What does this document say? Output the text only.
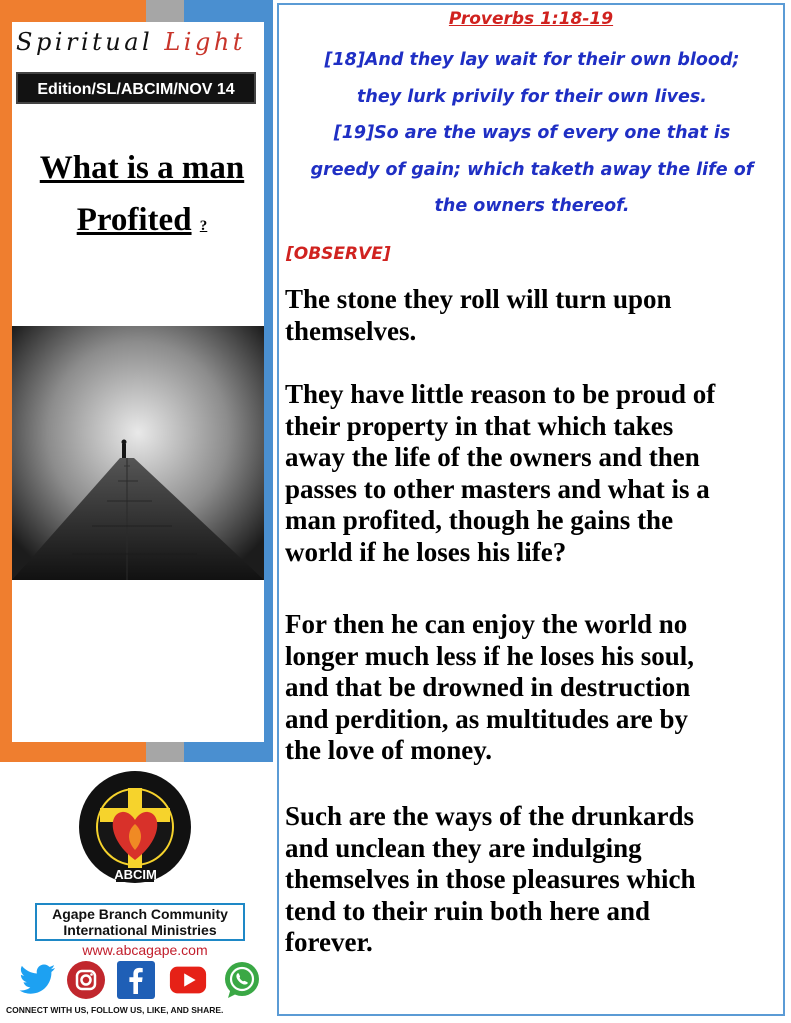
Spiritual Light
Edition/SL/ABCIM/NOV 14
What is a man
Profited ?
ABCIM
Agape Branch Community
International Ministries
www.abcagape.com
CONNECT WITH US, FOLLOW US, LIKE, AND SHARE.
Proverbs 1:18-19
[18]And they lay wait for their own blood;
they lurk privily for their own lives.
[19]So are the ways of every one that is
greedy of gain; which taketh away the life of
the owners thereof.
[OBSERVE]
The stone they roll will turn upon
themselves.
They have little reason to be proud of
their property in that which takes
away the life of the owners and then
passes to other masters and what is a
man profited, though he gains the
world if he loses his life?
For then he can enjoy the world no
longer much less if he loses his soul,
and that be drowned in destruction
and perdition, as multitudes are by
the love of money.
Such are the ways of the drunkards
and unclean they are indulging
themselves in those pleasures which
tend to their ruin both here and
forever.
